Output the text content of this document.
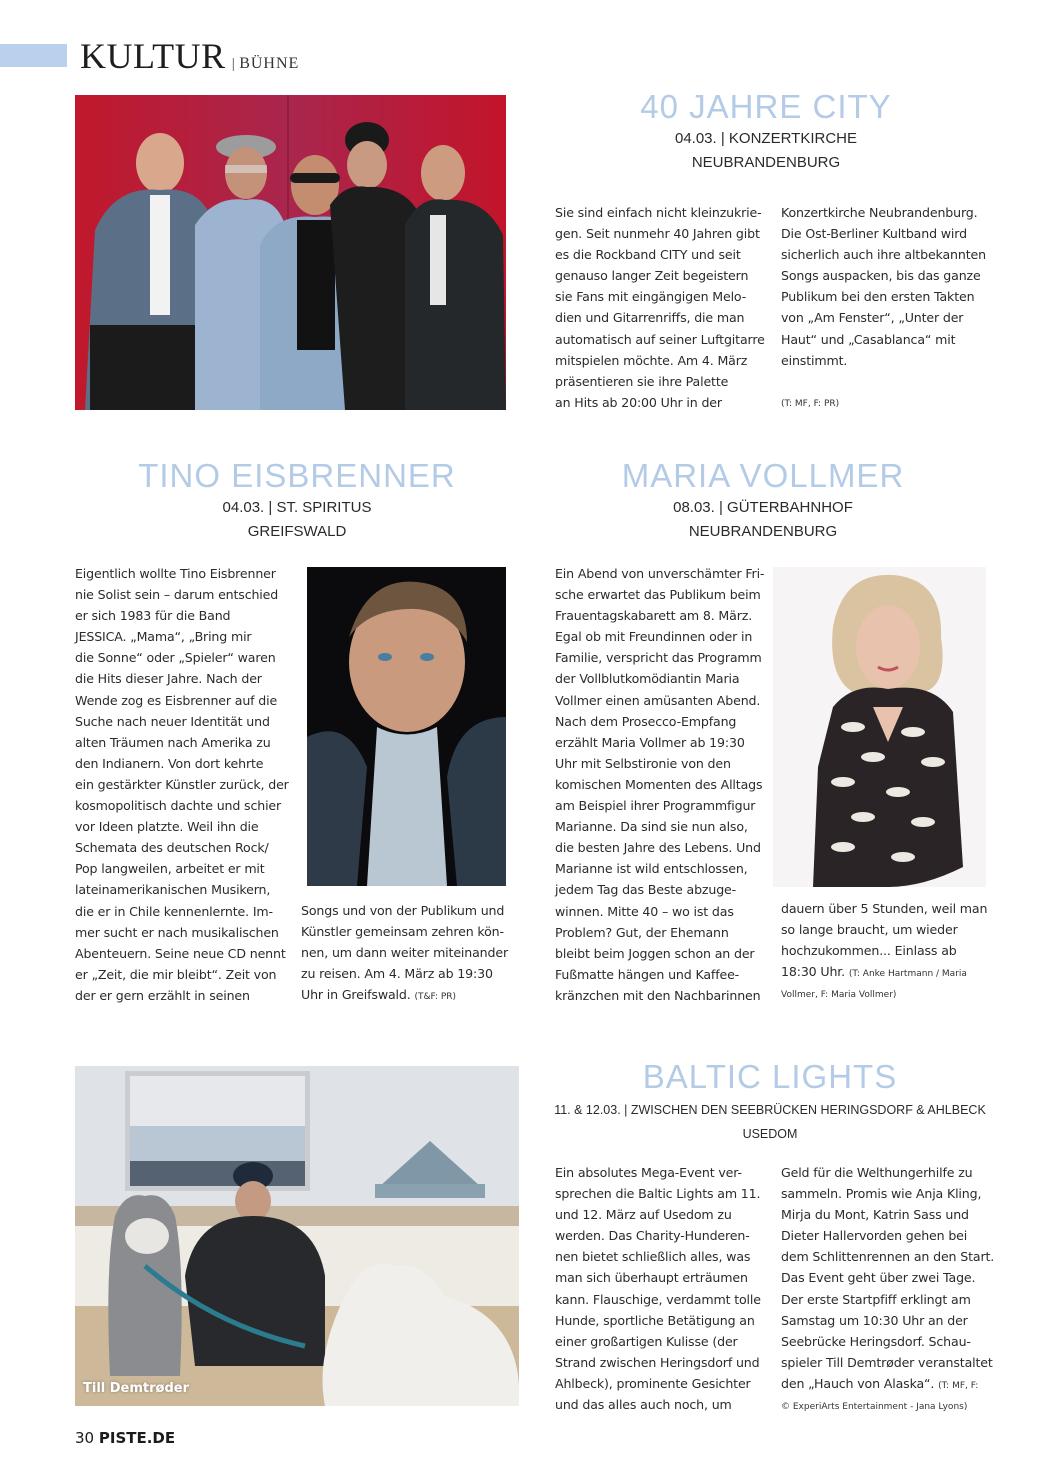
KULTUR | BÜHNE
40 JAHRE CITY
04.03. | KONZERTKIRCHE
NEUBRANDENBURG
Sie sind einfach nicht kleinzukrie-
gen. Seit nunmehr 40 Jahren gibt
es die Rockband CITY und seit
genauso langer Zeit begeistern
sie Fans mit eingängigen Melo-
dien und Gitarrenriffs, die man
automatisch auf seiner Luftgitarre
mitspielen möchte. Am 4. März
präsentieren sie ihre Palette
an Hits ab 20:00 Uhr in der
Konzertkirche Neubrandenburg.
Die Ost-Berliner Kultband wird
sicherlich auch ihre altbekannten
Songs auspacken, bis das ganze
Publikum bei den ersten Takten
von „Am Fenster“, „Unter der
Haut“ und „Casablanca“ mit
einstimmt.
(T: MF, F: PR)
TINO EISBRENNER
04.03. | ST. SPIRITUS
GREIFSWALD
Eigentlich wollte Tino Eisbrenner
nie Solist sein – darum entschied
er sich 1983 für die Band
JESSICA. „Mama“, „Bring mir
die Sonne“ oder „Spieler“ waren
die Hits dieser Jahre. Nach der
Wende zog es Eisbrenner auf die
Suche nach neuer Identität und
alten Träumen nach Amerika zu
den Indianern. Von dort kehrte
ein gestärkter Künstler zurück, der
kosmopolitisch dachte und schier
vor Ideen platzte. Weil ihn die
Schemata des deutschen Rock/
Pop langweilen, arbeitet er mit
lateinamerikanischen Musikern,
die er in Chile kennenlernte. Im-
mer sucht er nach musikalischen
Abenteuern. Seine neue CD nennt
er „Zeit, die mir bleibt“. Zeit von
der er gern erzählt in seinen
Songs und von der Publikum und
Künstler gemeinsam zehren kön-
nen, um dann weiter miteinander
zu reisen. Am 4. März ab 19:30
Uhr in Greifswald. (T&F: PR)
MARIA VOLLMER
08.03. | GÜTERBAHNHOF
NEUBRANDENBURG
Ein Abend von unverschämter Fri-
sche erwartet das Publikum beim
Frauentagskabarett am 8. März.
Egal ob mit Freundinnen oder in
Familie, verspricht das Programm
der Vollblutkomödiantin Maria
Vollmer einen amüsanten Abend.
Nach dem Prosecco-Empfang
erzählt Maria Vollmer ab 19:30
Uhr mit Selbstironie von den
komischen Momenten des Alltags
am Beispiel ihrer Programmfigur
Marianne. Da sind sie nun also,
die besten Jahre des Lebens. Und
Marianne ist wild entschlossen,
jedem Tag das Beste abzuge-
winnen. Mitte 40 – wo ist das
Problem? Gut, der Ehemann
bleibt beim Joggen schon an der
Fußmatte hängen und Kaffee-
kränzchen mit den Nachbarinnen
dauern über 5 Stunden, weil man
so lange braucht, um wieder
hochzukommen... Einlass ab
18:30 Uhr. (T: Anke Hartmann / Maria
Vollmer, F: Maria Vollmer)
Till Demtrøder
BALTIC LIGHTS
11. & 12.03. | ZWISCHEN DEN SEEBRÜCKEN HERINGSDORF & AHLBECK
USEDOM
Ein absolutes Mega-Event ver-
sprechen die Baltic Lights am 11.
und 12. März auf Usedom zu
werden. Das Charity-Hunderen-
nen bietet schließlich alles, was
man sich überhaupt erträumen
kann. Flauschige, verdammt tolle
Hunde, sportliche Betätigung an
einer großartigen Kulisse (der
Strand zwischen Heringsdorf und
Ahlbeck), prominente Gesichter
und das alles auch noch, um
Geld für die Welthungerhilfe zu
sammeln. Promis wie Anja Kling,
Mirja du Mont, Katrin Sass und
Dieter Hallervorden gehen bei
dem Schlittenrennen an den Start.
Das Event geht über zwei Tage.
Der erste Startpfiff erklingt am
Samstag um 10:30 Uhr an der
Seebrücke Heringsdorf. Schau-
spieler Till Demtrøder veranstaltet
den „Hauch von Alaska“. (T: MF, F:
© ExperiArts Entertainment - Jana Lyons)
30 PISTE.DE
